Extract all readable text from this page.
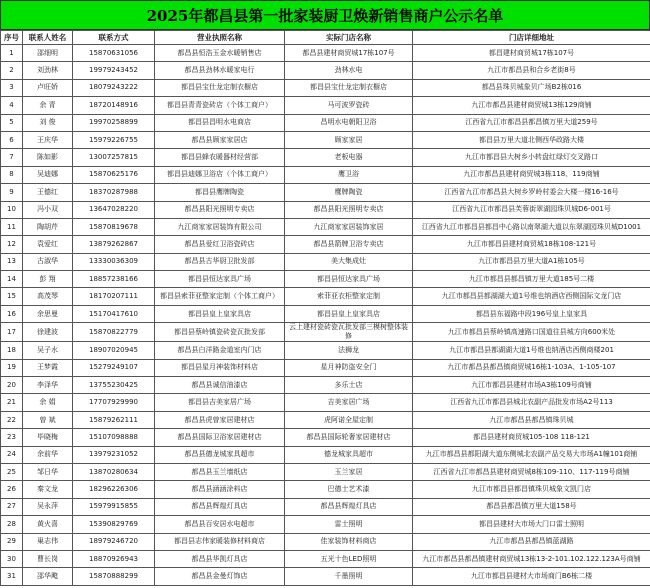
2025年都昌县第一批家装厨卫焕新销售商户公示名单
序号	联系人姓名	联系方式	营业执照名称	实际门店名称	门店详细地址
1	邵细明	15870631056	都昌县恒浩玉金水暖销售店	都昌县建材商贸城17栋107号	都昌建材商贸城17栋107号
2	刘劲林	19979243452	都昌县劲林水暖家电行	劲林水电	九江市都昌县和合乡老街8号
3	卢旺娇	18079243222	都昌县宝仕龙定制衣橱店	都昌县宝仕龙定制衣橱店	都昌县珠贝城象贝广场B2栋016
4	余 青	18720148916	都昌县青青瓷砖店（个体工商户）	马可波罗瓷砖	九江市都昌县建材商贸城13栋129商铺
5	刘 俊	19970258899	都昌县昌明水电商店	昌明水电朝阳卫浴	江西省九江市都昌县都昌镇万里大道259号
6	王庆华	15979226755	都昌县顾家家居店	顾家家居	都昌县万里大道北侧西华政路大楼
7	陈如影	13007257815	都昌县蜂农暖器材经营部	老板电器	九江市都昌县大树乡小转盘红绿灯交叉路口
8	吴迪娜	15870625176	都昌县迪娜卫浴店（个体工商户）	鹰卫浴	九江市都昌县建材商贸城3栋118、119商铺
9	王德红	18370287988	都昌县鹰牌陶瓷	鹰牌陶瓷	江西省九江市都昌县大树乡罗岭村委会大楼一楼16-16号
10	冯小双	13647028220	都昌县阳光照明专卖店	都昌县阳光照明专卖店	江西省九江市都昌县芙蓉街翠湖园珠贝城D6-001号
11	陶胡芹	15870819678	九江商家家居装饰有限公司	九江商家家居装饰家居	江西省九江市都昌县都昌中心路以南翠湖大道以东翠湖园珠贝城D1001
12	袁爱红	13879262867	都昌县爱红卫浴瓷砖店	都昌县箭牌卫浴专卖店	九江市都昌县建材商贸城18栋108-121号
13	古淑华	13330036309	都昌县古华厨卫批发部	美大集成灶	九江市都昌县万里大道A1栋105号
14	彭 翔	18857238166	都昌县恒达家具广场	都昌县恒达家具广场	九江市都昌县都昌镇万里大道185号二楼
15	高茂琴	18170207111	都昌县索菲亚整家定制（个体工商户）	索菲亚衣柜整家定制	九江市都昌县都湖湖大道1号维也纳酒店西侧国际文龙门店
16	余思曼	15170417610	都昌县皇上皇家具店	都昌县皇上皇家具店	都昌县东福路中段196号皇上皇家具
17	徐建波	15870822779	都昌县蔡岭镇瓷砖瓷瓦批发部	云上建材瓷砖瓷瓦批发部三模树整体装修	九江市都昌县蔡岭镇高速路口国道往县城方向600米处
18	吴子水	18907020945	都昌县白洋路金道室内门店	法狮龙	九江市都昌县都湖湖大道1号维也纳酒店西侧商楼201
19	王梦霞	15279249107	都昌县星月神装饰材料店	星月神防盗安全门	九江市都昌县都昌镇商贸城16栋1-103A、1-105-107
20	李泽华	13755230425	都昌县诚信油漆店	多乐士店	九江市都昌县建材市场A3栋109号商铺
21	余 娟	17707929990	都昌县吉美家居广场	吉美家居广场	江西省九江市都昌县城北农副产品批发市场A2号113
22	曾 斌	15879262111	都昌县虎曾家居建材店	虎阿诺全屋定制	九江市都昌县都昌镇珠贝城
23	毕晓梅	15107098888	都昌县国际卫浴家居建材店	都昌县国际轮奢家居建材店	都昌县建材商贸城105-108 118-121
24	余前华	13979231052	都昌县德龙城家具超市	德龙城家具超市	九江市都昌县都阳湖大道东侧城北农副产品交易大市场A1幢101商铺
25	邹日华	13870280634	都昌县玉兰墙纸店	玉兰家居	江西省九江市都昌县建材商贸城8栋109-110、117-119号商铺
26	秦文龙	18296226306	都昌县涵涵涂料店	巴德士艺术漆	九江市都昌县都昌镇珠贝城象文凯门店
27	吴永萍	15979915855	都昌县辉煌灯具店	都昌县辉煌灯具店	都昌县都昌镇万里大道158号
28	黄火喜	15390829769	都昌县百安居水电超市	雷士照明	都昌县建材大市场大门口雷士照明
29	巢志伟	18979246720	都昌县志伟家暖装修材料商店	佳家装饰材料商店	九江市都昌县都昌镇蓝湖路
30	曹长岗	18870926943	都昌县华凯灯具店	五光十色LED照明	九江市都昌县都昌镇建材商贸城13栋13-2-101.102.122.123A号商铺
31	邵华飑	15870888299	都昌县金曼灯饰店	千墨照明	九江市都昌县建材大市场商门B6栋二楼
